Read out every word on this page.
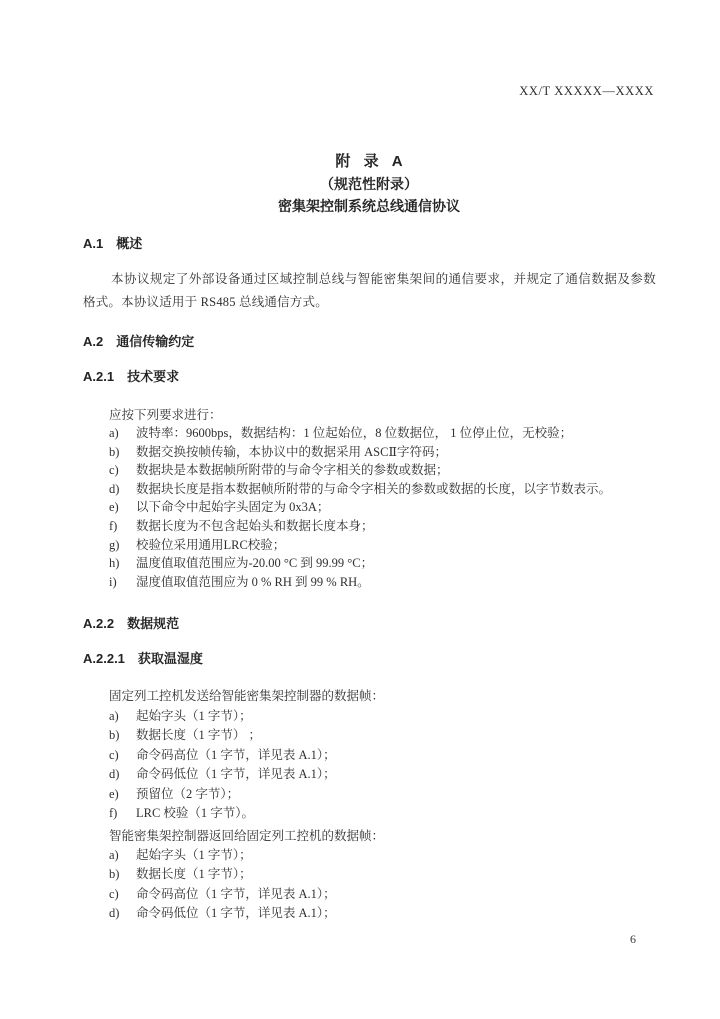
XX/T XXXXX—XXXX
附 录 A
（规范性附录）
密集架控制系统总线通信协议
A.1 概述
本协议规定了外部设备通过区域控制总线与智能密集架间的通信要求，并规定了通信数据及参数格式。本协议适用于 RS485 总线通信方式。
A.2 通信传输约定
A.2.1 技术要求
应按下列要求进行：
a)	波特率：9600bps，数据结构：1 位起始位，8 位数据位， 1 位停止位，无校验；
b)	数据交换按帧传输，本协议中的数据采用 ASCⅡ字符码；
c)	数据块是本数据帧所附带的与命令字相关的参数或数据；
d)	数据块长度是指本数据帧所附带的与命令字相关的参数或数据的长度，以字节数表示。
e)	以下命令中起始字头固定为 0x3A；
f)	数据长度为不包含起始头和数据长度本身；
g)	校验位采用通用LRC校验；
h)	温度值取值范围应为-20.00 °C 到 99.99 °C；
i)	湿度值取值范围应为 0 % RH 到 99 % RH。
A.2.2 数据规范
A.2.2.1 获取温湿度
固定列工控机发送给智能密集架控制器的数据帧：
a)	起始字头（1 字节）；
b)	数据长度（1 字节） ；
c)	命令码高位（1 字节，详见表 A.1）；
d)	命令码低位（1 字节，详见表 A.1）；
e)	预留位（2 字节）；
f)	LRC 校验（1 字节）。
智能密集架控制器返回给固定列工控机的数据帧：
a)	起始字头（1 字节）；
b)	数据长度（1 字节）；
c)	命令码高位（1 字节，详见表 A.1）；
d)	命令码低位（1 字节，详见表 A.1）；
6
